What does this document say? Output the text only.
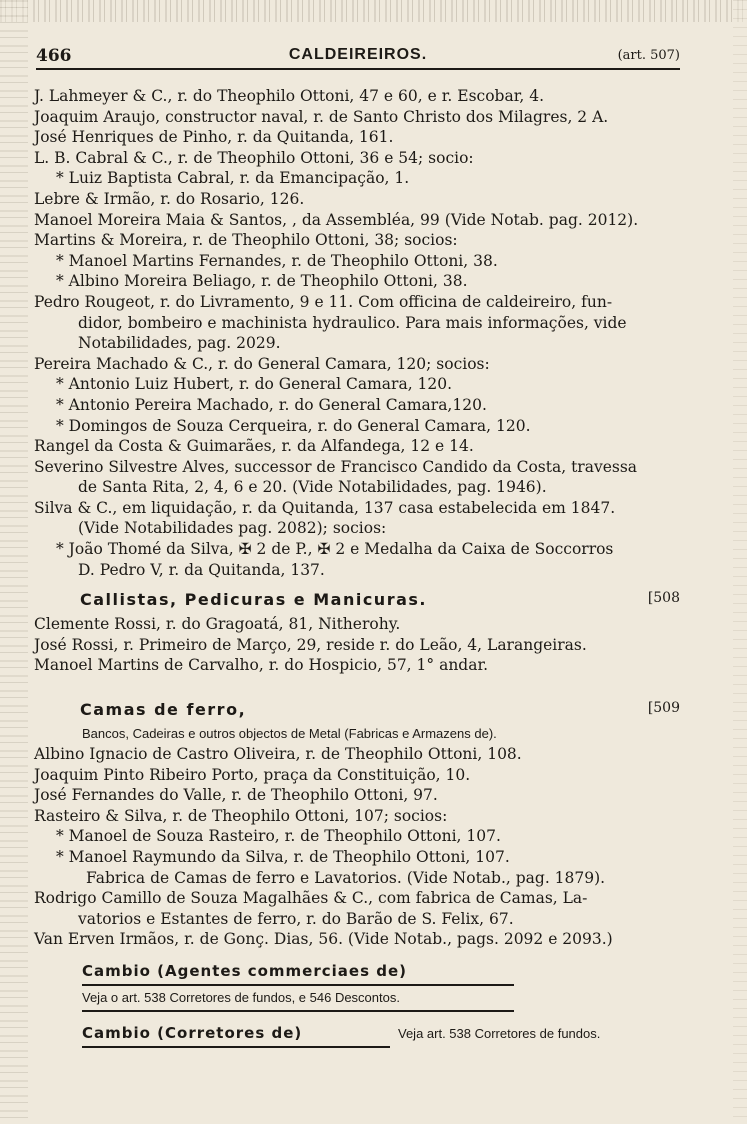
466	CALDEIREIROS.	(art. 507)
J. Lahmeyer & C., r. do Theophilo Ottoni, 47 e 60, e r. Escobar, 4.
Joaquim Araujo, constructor naval, r. de Santo Christo dos Milagres, 2 A.
José Henriques de Pinho, r. da Quitanda, 161.
L. B. Cabral & C., r. de Theophilo Ottoni, 36 e 54; socio:
* Luiz Baptista Cabral, r. da Emancipação, 1.
Lebre & Irmão, r. do Rosario, 126.
Manoel Moreira Maia & Santos, , da Assembléa, 99 (Vide Notab. pag. 2012).
Martins & Moreira, r. de Theophilo Ottoni, 38; socios:
* Manoel Martins Fernandes, r. de Theophilo Ottoni, 38.
* Albino Moreira Beliago, r. de Theophilo Ottoni, 38.
Pedro Rougeot, r. do Livramento, 9 e 11. Com officina de caldeireiro, fun-
didor, bombeiro e machinista hydraulico. Para mais informações, vide
Notabilidades, pag. 2029.
Pereira Machado & C., r. do General Camara, 120; socios:
* Antonio Luiz Hubert, r. do General Camara, 120.
* Antonio Pereira Machado, r. do General Camara,120.
* Domingos de Souza Cerqueira, r. do General Camara, 120.
Rangel da Costa & Guimarães, r. da Alfandega, 12 e 14.
Severino Silvestre Alves, successor de Francisco Candido da Costa, travessa
de Santa Rita, 2, 4, 6 e 20. (Vide Notabilidades, pag. 1946).
Silva & C., em liquidação, r. da Quitanda, 137 casa estabelecida em 1847.
(Vide Notabilidades pag. 2082); socios:
* João Thomé da Silva, ✠ 2 de P., ✠ 2 e Medalha da Caixa de Soccorros
D. Pedro V, r. da Quitanda, 137.
Callistas, Pedicuras e Manicuras.	[508
Clemente Rossi, r. do Gragoatá, 81, Nitherohy.
José Rossi, r. Primeiro de Março, 29, reside r. do Leão, 4, Larangeiras.
Manoel Martins de Carvalho, r. do Hospicio, 57, 1° andar.
Camas de ferro,	[509
Bancos, Cadeiras e outros objectos de Metal (Fabricas e Armazens de).
Albino Ignacio de Castro Oliveira, r. de Theophilo Ottoni, 108.
Joaquim Pinto Ribeiro Porto, praça da Constituição, 10.
José Fernandes do Valle, r. de Theophilo Ottoni, 97.
Rasteiro & Silva, r. de Theophilo Ottoni, 107; socios:
* Manoel de Souza Rasteiro, r. de Theophilo Ottoni, 107.
* Manoel Raymundo da Silva, r. de Theophilo Ottoni, 107.
Fabrica de Camas de ferro e Lavatorios. (Vide Notab., pag. 1879).
Rodrigo Camillo de Souza Magalhães & C., com fabrica de Camas, La-
vatorios e Estantes de ferro, r. do Barão de S. Felix, 67.
Van Erven Irmãos, r. de Gonç. Dias, 56. (Vide Notab., pags. 2092 e 2093.)
Cambio (Agentes commerciaes de)
Veja o art. 538 Corretores de fundos, e 546 Descontos.
Cambio (Corretores de)	Veja art. 538 Corretores de fundos.
